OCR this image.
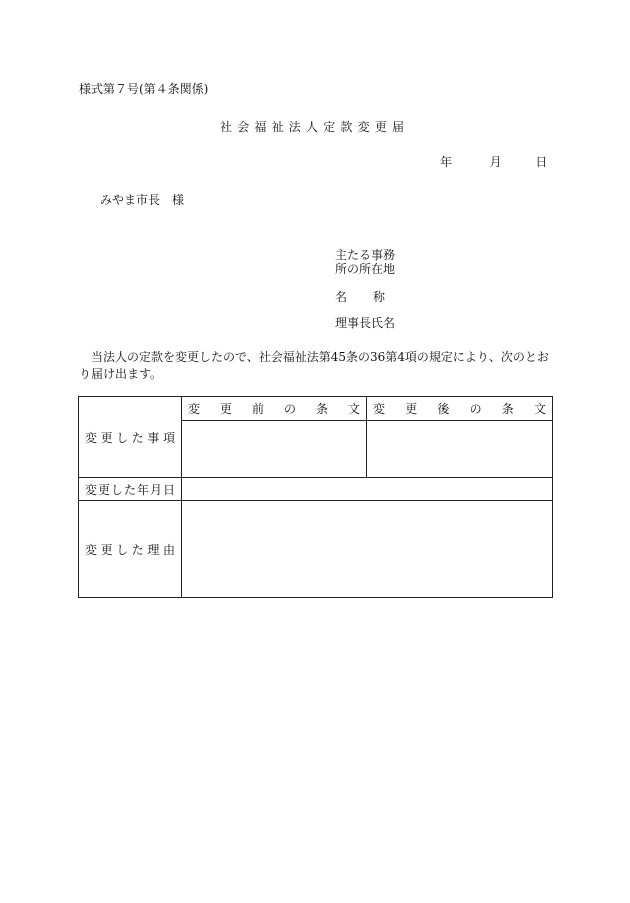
様式第７号(第４条関係)
社会福祉法人定款変更届
年	月	日
みやま市長　様
主たる事務
所の所在地
名 称
理事長氏名
当法人の定款を変更したので、社会福祉法第45条の36第4項の規定により、次のとおり届け出ます。
変更した事項	変更前の条文	変更後の条文

変更した年月日		
変更した理由		
